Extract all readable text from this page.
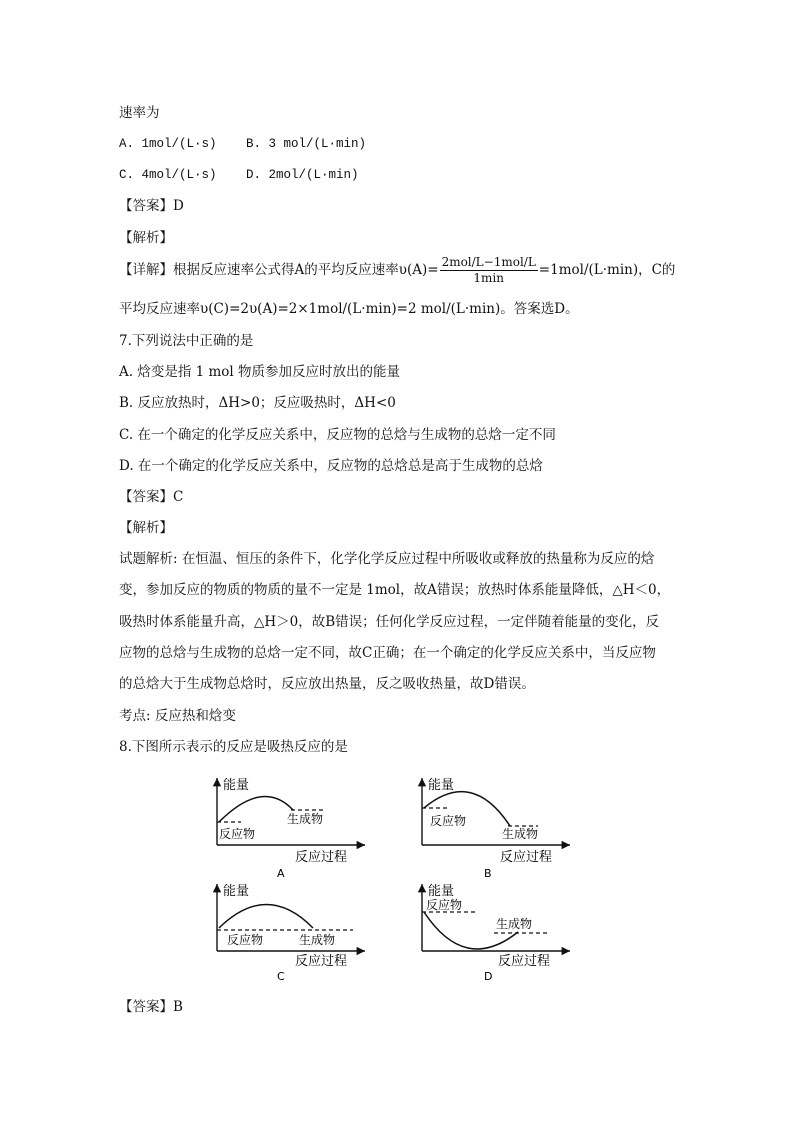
速率为
A. 1mol/(L·s) B. 3 mol/(L·min)
C. 4mol/(L·s) D. 2mol/(L·min)
【答案】D
【解析】
【详解】根据反应速率公式得A的平均反应速率$\upsilon(A)= \frac{\text{2mol/L−1mol/L}}{1\min} =1mol/(L\cdot\min)$，C的
平均反应速率υ(C)=2υ(A)=2×1mol/(L·min)=2 mol/(L·min)。答案选D。
7.下列说法中正确的是
A. 焓变是指 1 mol 物质参加反应时放出的能量
B. 反应放热时，ΔH>0；反应吸热时，ΔH<0
C. 在一个确定的化学反应关系中，反应物的总焓与生成物的总焓一定不同
D. 在一个确定的化学反应关系中，反应物的总焓总是高于生成物的总焓
【答案】C
【解析】
试题解析: 在恒温、恒压的条件下，化学化学反应过程中所吸收或释放的热量称为反应的焓
变，参加反应的物质的物质的量不一定是 1mol，故A错误；放热时体系能量降低，△H＜0，
吸热时体系能量升高，△H＞0，故B错误；任何化学反应过程，一定伴随着能量的变化，反
应物的总焓与生成物的总焓一定不同，故C正确；在一个确定的化学反应关系中，当反应物
的总焓大于生成物总焓时，反应放出热量，反之吸收热量，故D错误。
考点: 反应热和焓变
8.下图所示表示的反应是吸热反应的是
能量
反应物
生成物
反应过程
A
能量
反应物
生成物
反应过程
B
能量
反应物	生成物
反应过程
C
能量
反应物
生成物
反应过程
D
【答案】B
